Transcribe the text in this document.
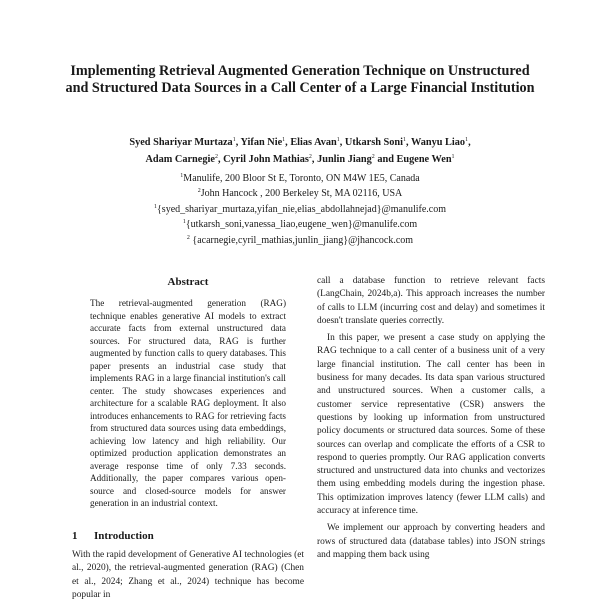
Implementing Retrieval Augmented Generation Technique on Unstructured and Structured Data Sources in a Call Center of a Large Financial Institution
Syed Shariyar Murtaza$^1$, Yifan Nie$^1$, Elias Avan$^1$, Utkarsh Soni$^1$, Wanyu Liao$^1$,
Adam Carnegie$^2$, Cyril John Mathias$^2$, Junlin Jiang$^2$ and Eugene Wen$^1$
$^1$Manulife, 200 Bloor St E, Toronto, ON M4W 1E5, Canada
$^2$John Hancock , 200 Berkeley St, MA 02116, USA
$^1${syed_shariyar_murtaza,yifan_nie,elias_abdollahnejad}@manulife.com
$^1${utkarsh_soni,vanessa_liao,eugene_wen}@manulife.com
$^2$ {acarnegie,cyril_mathias,junlin_jiang}@jhancock.com
Abstract

The retrieval-augmented generation (RAG) technique enables generative AI models to extract accurate facts from external unstructured data sources. For structured data, RAG is further augmented by function calls to query databases. This paper presents an industrial case study that implements RAG in a large financial institution's call center. The study showcases experiences and architecture for a scalable RAG deployment. It also introduces enhancements to RAG for retrieving facts from structured data sources using data embeddings, achieving low latency and high reliability. Our optimized production application demonstrates an average response time of only 7.33 seconds. Additionally, the paper compares various open-source and closed-source models for answer generation in an industrial context.

1 Introduction

With the rapid development of Generative AI technologies (et al., 2020), the retrieval-augmented generation (RAG) (Chen et al., 2024; Zhang et al., 2024) technique has become popular in

call a database function to retrieve relevant facts (LangChain, 2024b,a). This approach increases the number of calls to LLM (incurring cost and delay) and sometimes it doesn't translate queries correctly.

In this paper, we present a case study on applying the RAG technique to a call center of a business unit of a very large financial institution. The call center has been in business for many decades. Its data span various structured and unstructured sources. When a customer calls, a customer service representative (CSR) answers the questions by looking up information from unstructured policy documents or structured data sources. Some of these sources can overlap and complicate the efforts of a CSR to respond to queries promptly. Our RAG application converts structured and unstructured data into chunks and vectorizes them using embedding models during the ingestion phase. This optimization improves latency (fewer LLM calls) and accuracy at inference time.

We implement our approach by converting headers and rows of structured data (database tables) into JSON strings and mapping them back using
